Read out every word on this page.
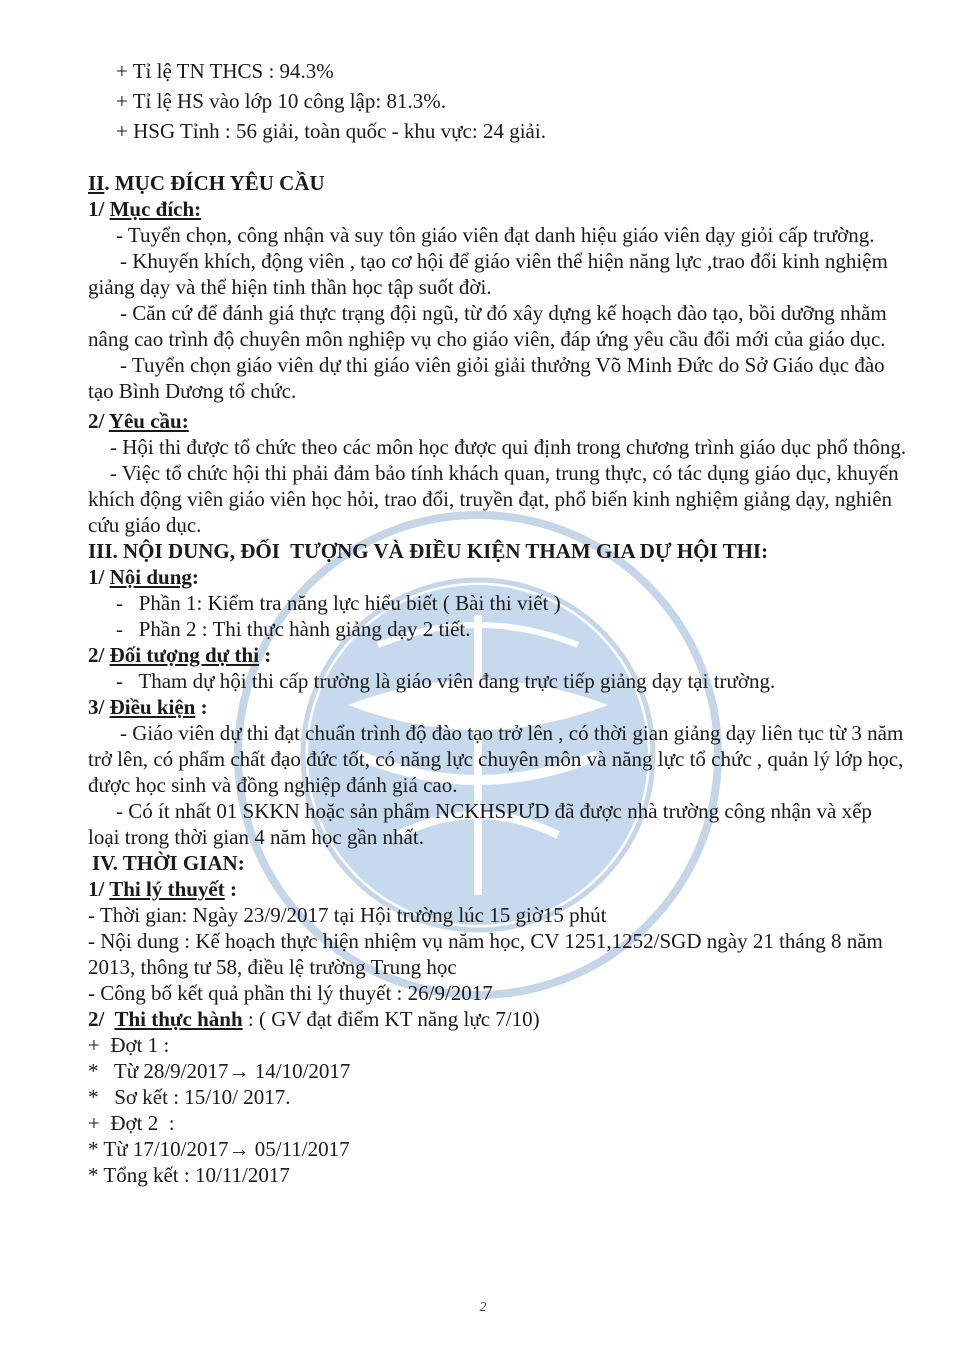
+ Tỉ lệ TN THCS : 94.3%

+ Tỉ lệ HS vào lớp 10 công lập: 81.3%.

+ HSG Tỉnh : 56 giải, toàn quốc - khu vực: 24 giải.

II. MỤC ĐÍCH YÊU CẦU

1/ Mục đích:

- Tuyển chọn, công nhận và suy tôn giáo viên đạt danh hiệu giáo viên dạy giỏi cấp trường.

- Khuyến khích, động viên , tạo cơ hội để giáo viên thể hiện năng lực ,trao đổi kinh nghiệm giảng dạy và thể hiện tinh thần học tập suốt đời.

- Căn cứ để đánh giá thực trạng đội ngũ, từ đó xây dựng kế hoạch đào tạo, bồi dưỡng nhằm nâng cao trình độ chuyên môn nghiệp vụ cho giáo viên, đáp ứng yêu cầu đổi mới của giáo dục.

- Tuyển chọn giáo viên dự thi giáo viên giỏi giải thưởng Võ Minh Đức do Sở Giáo dục đào tạo Bình Dương tổ chức.

2/ Yêu cầu:

- Hội thi được tổ chức theo các môn học được qui định trong chương trình giáo dục phổ thông.

- Việc tổ chức hội thi phải đảm bảo tính khách quan, trung thực, có tác dụng giáo dục, khuyến khích động viên giáo viên học hỏi, trao đổi, truyền đạt, phổ biến kinh nghiệm giảng dạy, nghiên cứu giáo dục.

III. NỘI DUNG, ĐỐI  TƯỢNG VÀ ĐIỀU KIỆN THAM GIA DỰ HỘI THI:

1/ Nội dung:

-   Phần 1: Kiểm tra năng lực hiểu biết ( Bài thi viết )

-   Phần 2 : Thi thực hành giảng dạy 2 tiết.

2/ Đối tượng dự thi :

-   Tham dự hội thi cấp trường là giáo viên đang trực tiếp giảng dạy tại trường.

3/ Điều kiện :

- Giáo viên dự thi đạt chuẩn trình độ đào tạo trở lên , có thời gian giảng dạy liên tục từ 3 năm trở lên, có phẩm chất đạo đức tốt, có năng lực chuyên môn và năng lực tổ chức , quản lý lớp học, được học sinh và đồng nghiệp đánh giá cao.

- Có ít nhất 01 SKKN hoặc sản phẩm NCKHSPƯD đã được nhà trường công nhận và xếp loại trong thời gian 4 năm học gần nhất.

IV. THỜI GIAN:

1/ Thi lý thuyết :

- Thời gian: Ngày 23/9/2017 tại Hội trường lúc 15 giờ15 phút

- Nội dung : Kế hoạch thực hiện nhiệm vụ năm học, CV 1251,1252/SGD ngày 21 tháng 8 năm 2013, thông tư 58, điều lệ trường Trung học

- Công bố kết quả phần thi lý thuyết : 26/9/2017

2/  Thi thực hành : ( GV đạt điểm KT năng lực 7/10)

+  Đợt 1 :

*   Từ 28/9/2017→ 14/10/2017

*   Sơ kết : 15/10/ 2017.

+  Đợt 2  :

* Từ 17/10/2017→ 05/11/2017

* Tổng kết : 10/11/2017

2
